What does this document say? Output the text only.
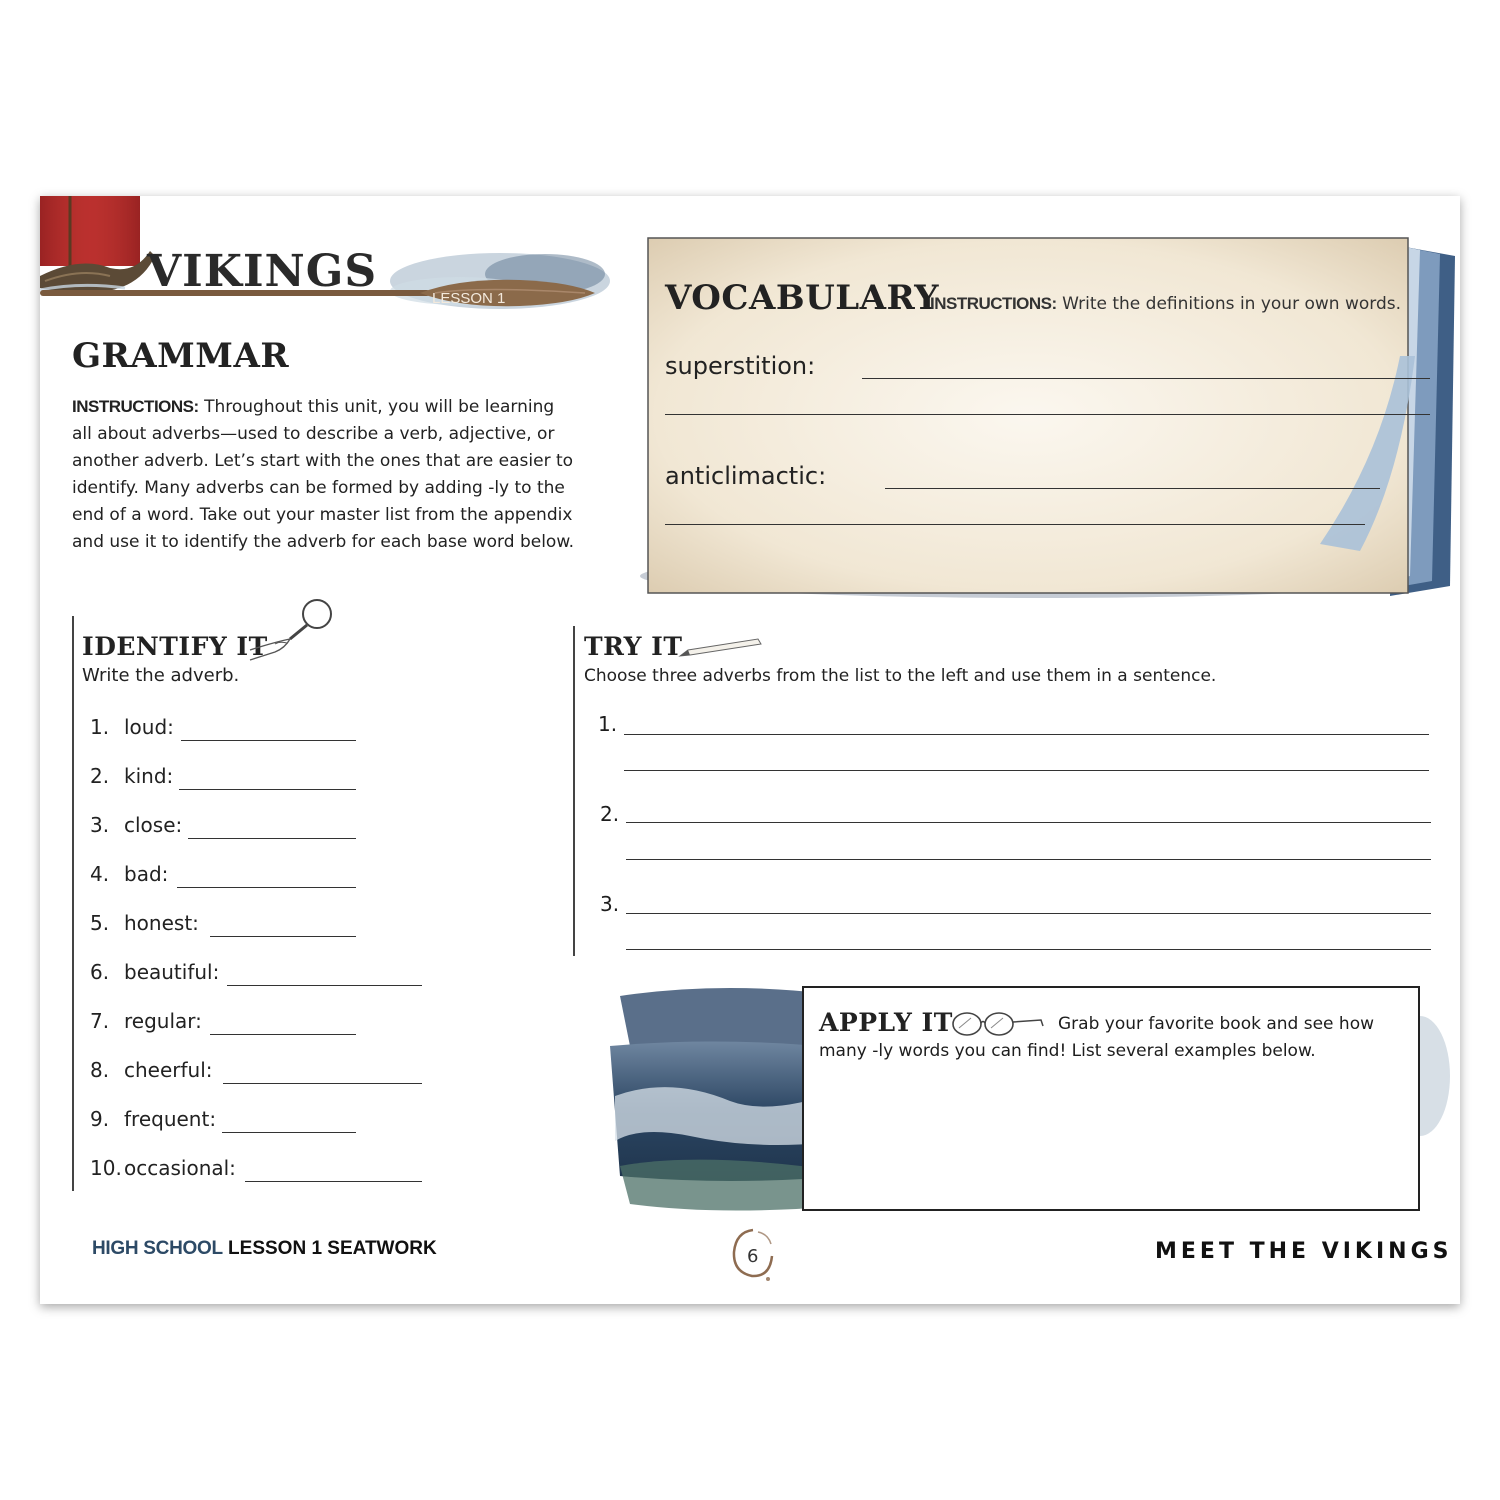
VIKINGS
LESSON 1
GRAMMAR
INSTRUCTIONS: Throughout this unit, you will be learning
all about adverbs—used to describe a verb, adjective, or
another adverb. Let’s start with the ones that are easier to
identify. Many adverbs can be formed by adding -ly to the
end of a word. Take out your master list from the appendix
and use it to identify the adverb for each base word below.
VOCABULARY
INSTRUCTIONS: Write the definitions in your own words.
superstition:
anticlimactic:
IDENTIFY IT
Write the adverb.
1. loud:
2. kind:
3. close:
4. bad:
5. honest:
6. beautiful:
7. regular:
8. cheerful:
9. frequent:
10. occasional:
TRY IT
Choose three adverbs from the list to the left and use them in a sentence.
1.
2.
3.
APPLY IT	Grab your favorite book and see how
many -ly words you can find! List several examples below.
HIGH SCHOOL LESSON 1 SEATWORK	6	MEET THE VIKINGS
